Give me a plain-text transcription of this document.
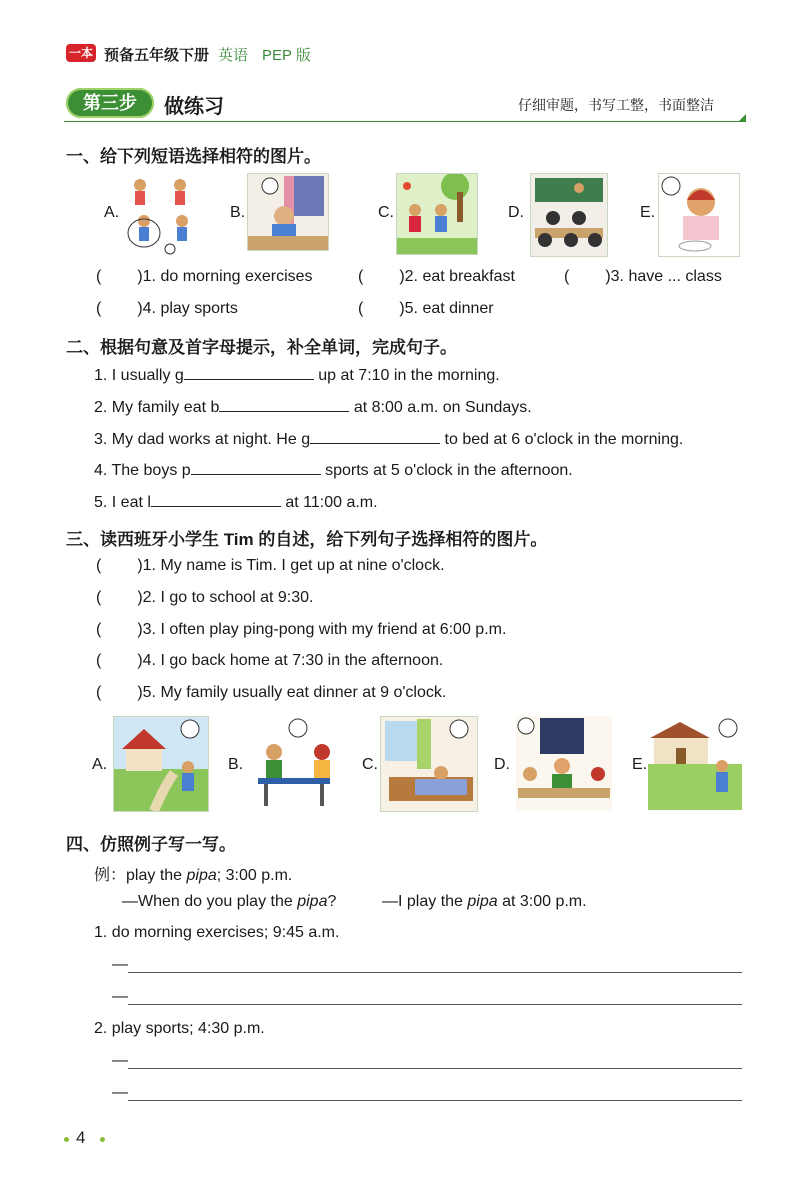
一本 预备五年级下册 英语 PEP 版
第三步	做练习	仔细审题，书写工整，书面整洁
一、给下列短语选择相符的图片。
A.	B.	C.	D.	E.
( )1. do morning exercises	( )2. eat breakfast	( )3. have ... class
( )4. play sports	( )5. eat dinner
二、根据句意及首字母提示，补全单词，完成句子。
1. I usually g	up at 7:10 in the morning.
2. My family eat b	at 8:00 a.m. on Sundays.
3. My dad works at night. He g	to bed at 6 o'clock in the morning.
4. The boys p	sports at 5 o'clock in the afternoon.
5. I eat l	at 11:00 a.m.
三、读西班牙小学生 Tim 的自述，给下列句子选择相符的图片。
( )1. My name is Tim. I get up at nine o'clock.
( )2. I go to school at 9:30.
( )3. I often play ping-pong with my friend at 6:00 p.m.
( )4. I go back home at 7:30 in the afternoon.
( )5. My family usually eat dinner at 9 o'clock.
A.	B.	C.	D.	E.
四、仿照例子写一写。
例：play the pipa; 3:00 p.m.
—When do you play the pipa?	—I play the pipa at 3:00 p.m.
1. do morning exercises; 9:45 a.m.
—
—
2. play sports; 4:30 p.m.
—
—
4
